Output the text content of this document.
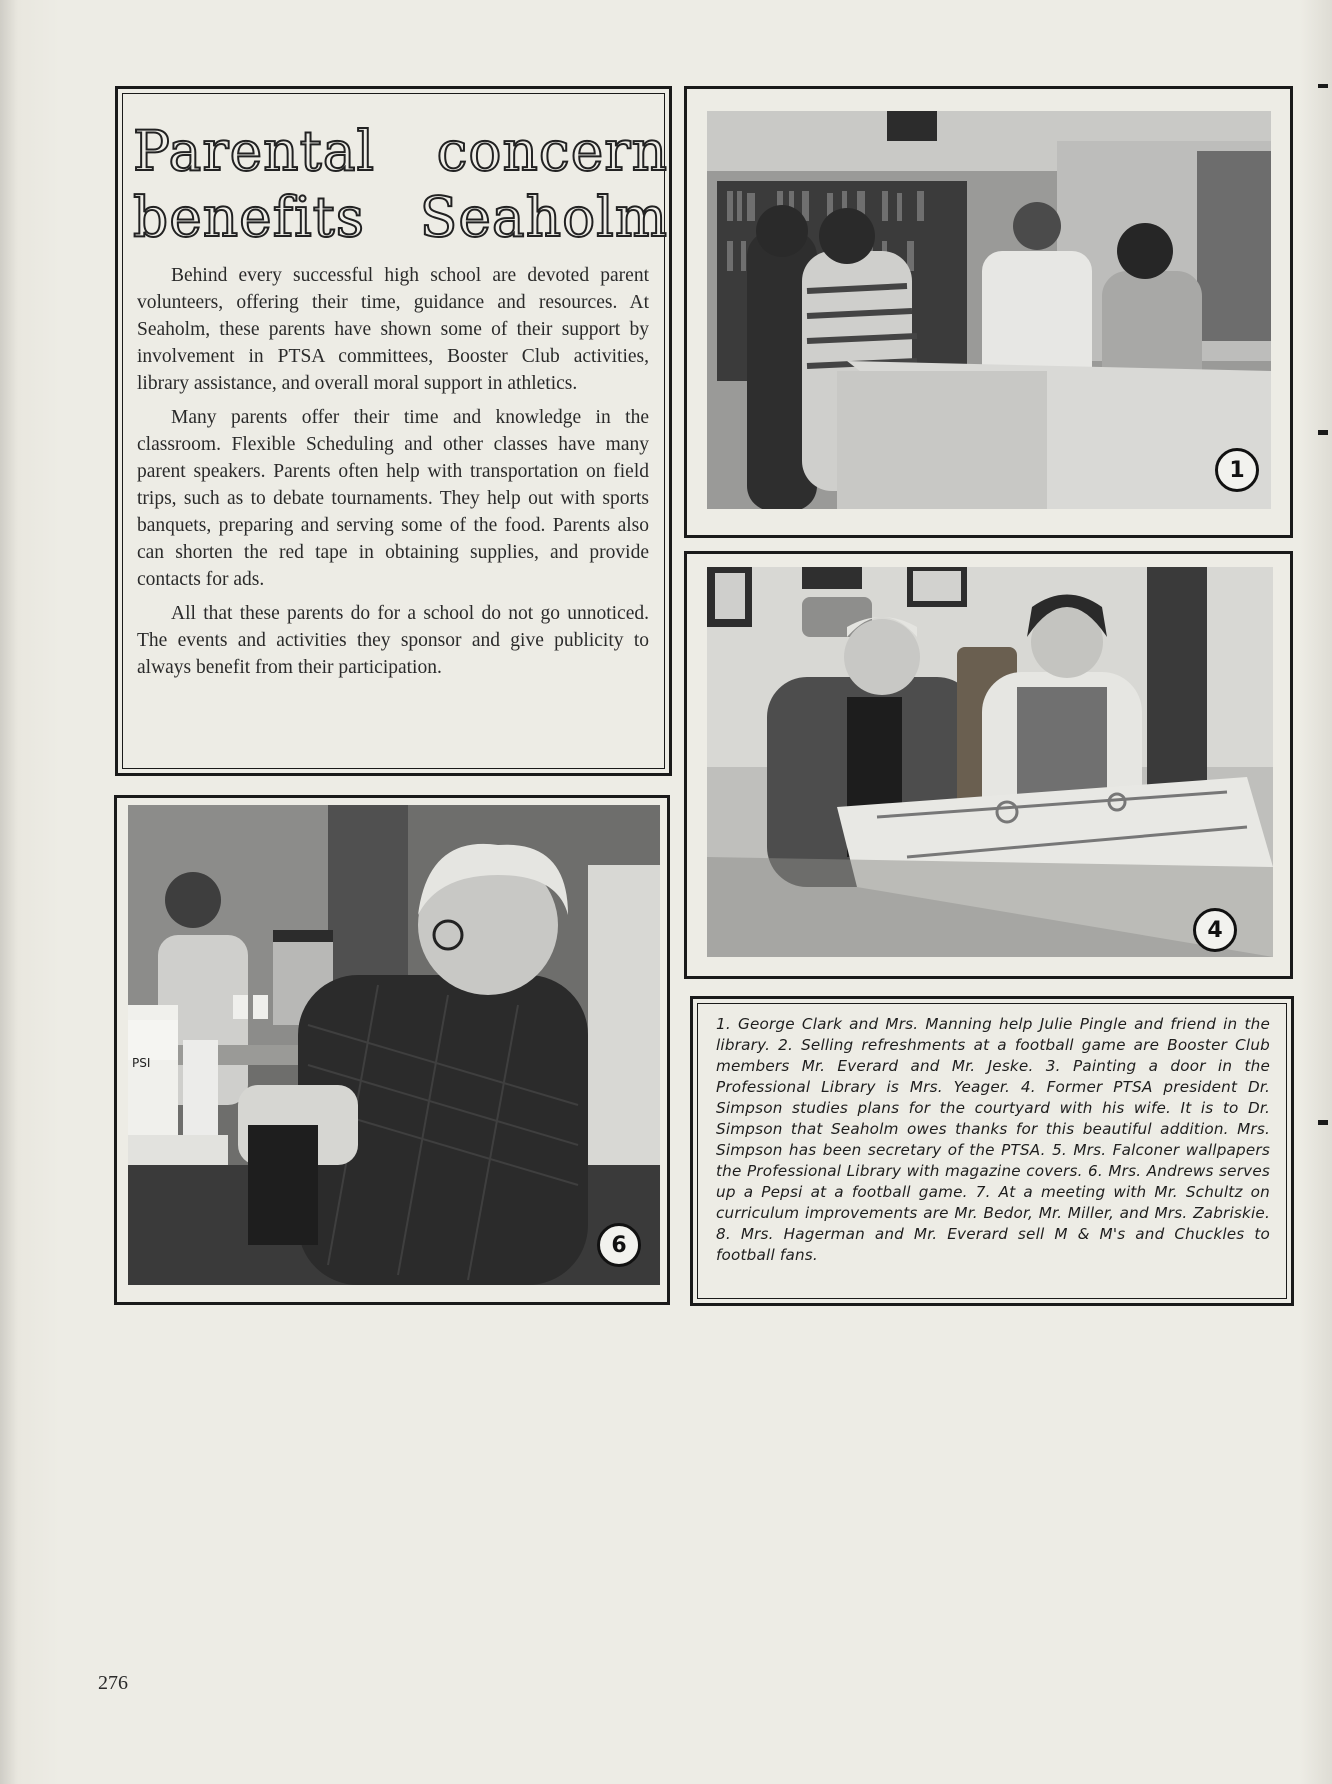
Parental concern benefits Seaholm

Behind every successful high school are devoted parent volunteers, offering their time, guidance and resources. At Seaholm, these parents have shown some of their support by involvement in PTSA committees, Booster Club activities, library assistance, and overall moral support in athletics.

Many parents offer their time and knowledge in the classroom. Flexible Scheduling and other classes have many parent speakers. Parents often help with transportation on field trips, such as to debate tournaments. They help out with sports banquets, preparing and serving some of the food. Parents also can shorten the red tape in obtaining supplies, and provide contacts for ads.

All that these parents do for a school do not go unnoticed. The events and activities they sponsor and give publicity to always benefit from their participation.

1
4
1. George Clark and Mrs. Manning help Julie Pingle and friend in the library. 2. Selling refreshments at a football game are Booster Club members Mr. Everard and Mr. Jeske. 3. Painting a door in the Professional Library is Mrs. Yeager. 4. Former PTSA president Dr. Simpson studies plans for the courtyard with his wife. It is to Dr. Simpson that Seaholm owes thanks for this beautiful addition. Mrs. Simpson has been secretary of the PTSA. 5. Mrs. Falconer wallpapers the Professional Library with magazine covers. 6. Mrs. Andrews serves up a Pepsi at a football game. 7. At a meeting with Mr. Schultz on curriculum improvements are Mr. Bedor, Mr. Miller, and Mrs. Zabriskie. 8. Mrs. Hagerman and Mr. Everard sell M & M's and Chuckles to football fans.
PSI
6
276
